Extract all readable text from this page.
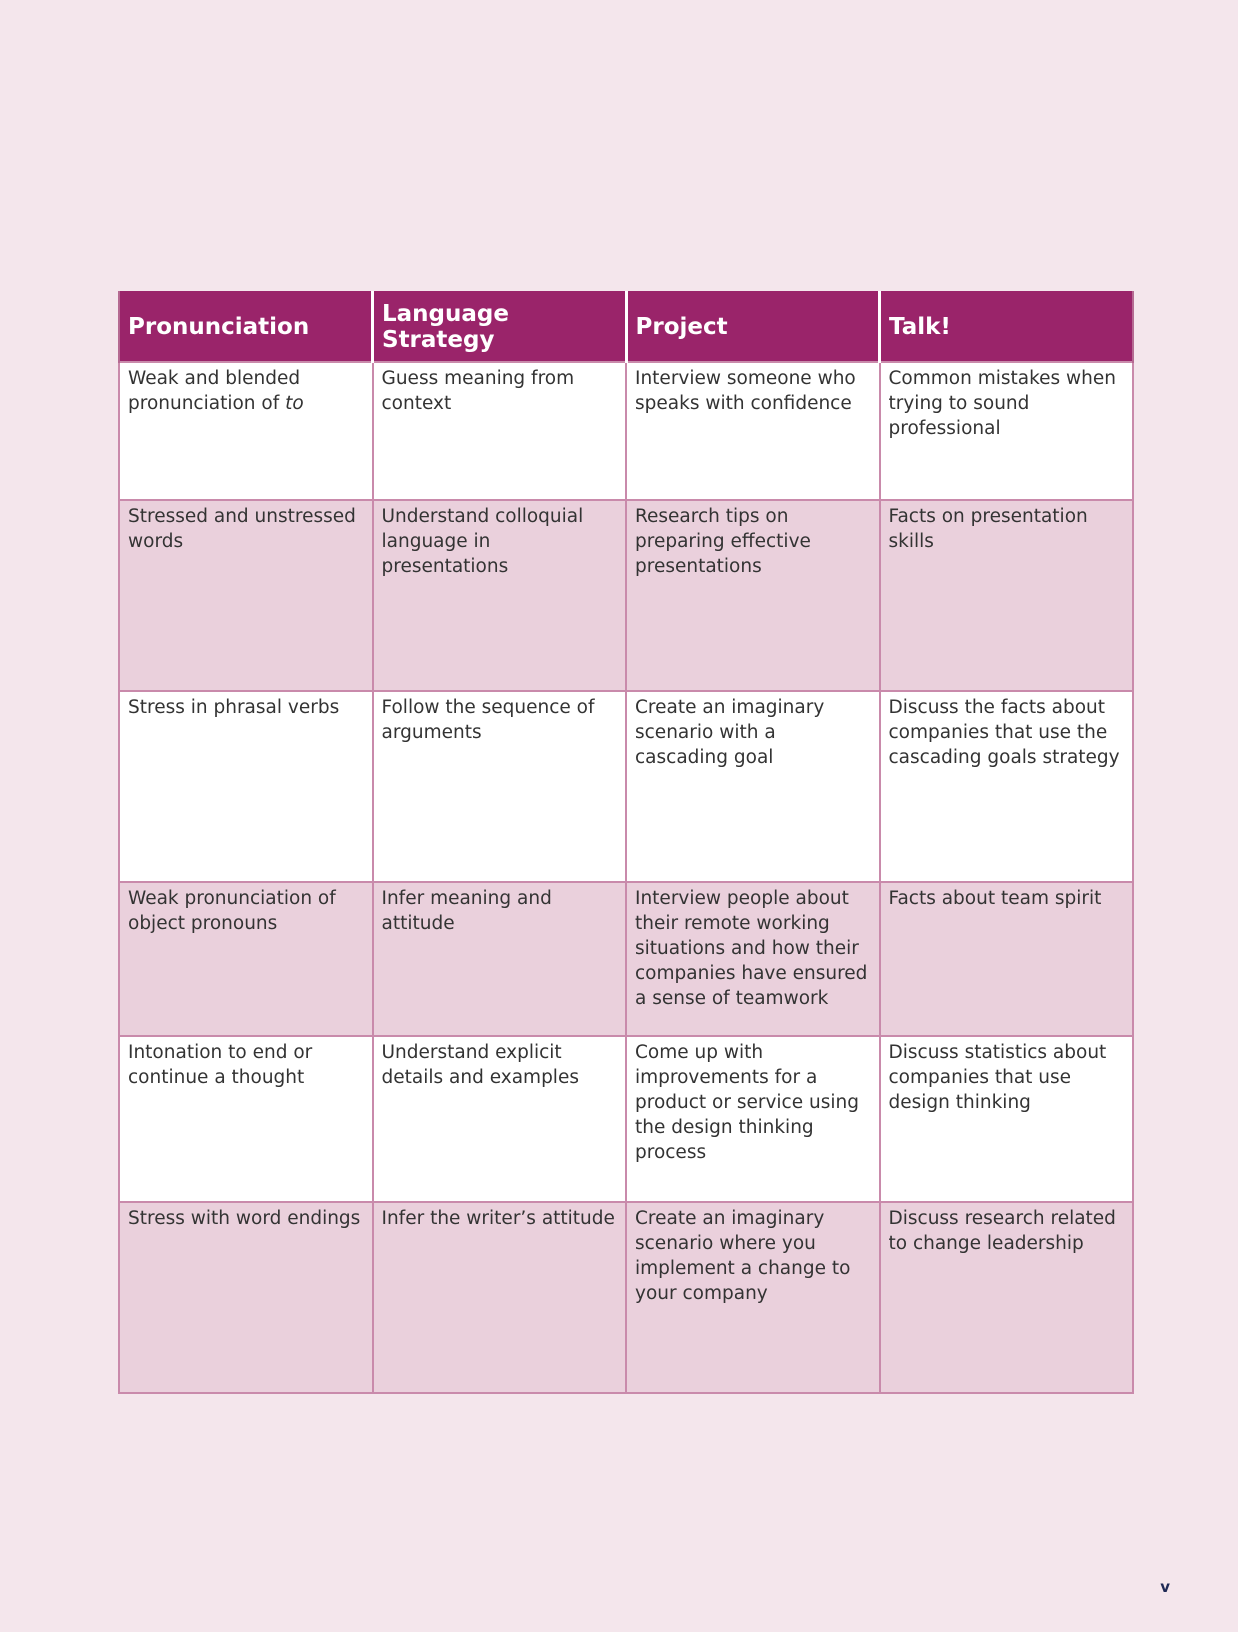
Pronunciation	Language Strategy	Project	Talk!
Weak and blended pronunciation of to	Guess meaning from context	Interview someone who speaks with confidence	Common mistakes when trying to sound professional
Stressed and unstressed words	Understand colloquial language in presentations	Research tips on preparing effective presentations	Facts on presentation skills
Stress in phrasal verbs	Follow the sequence of arguments	Create an imaginary scenario with a cascading goal	Discuss the facts about companies that use the cascading goals strategy
Weak pronunciation of object pronouns	Infer meaning and attitude	Interview people about their remote working situations and how their companies have ensured a sense of teamwork	Facts about team spirit
Intonation to end or continue a thought	Understand explicit details and examples	Come up with improvements for a product or service using the design thinking process	Discuss statistics about companies that use design thinking
Stress with word endings	Infer the writer’s attitude	Create an imaginary scenario where you implement a change to your company	Discuss research related to change leadership
v
